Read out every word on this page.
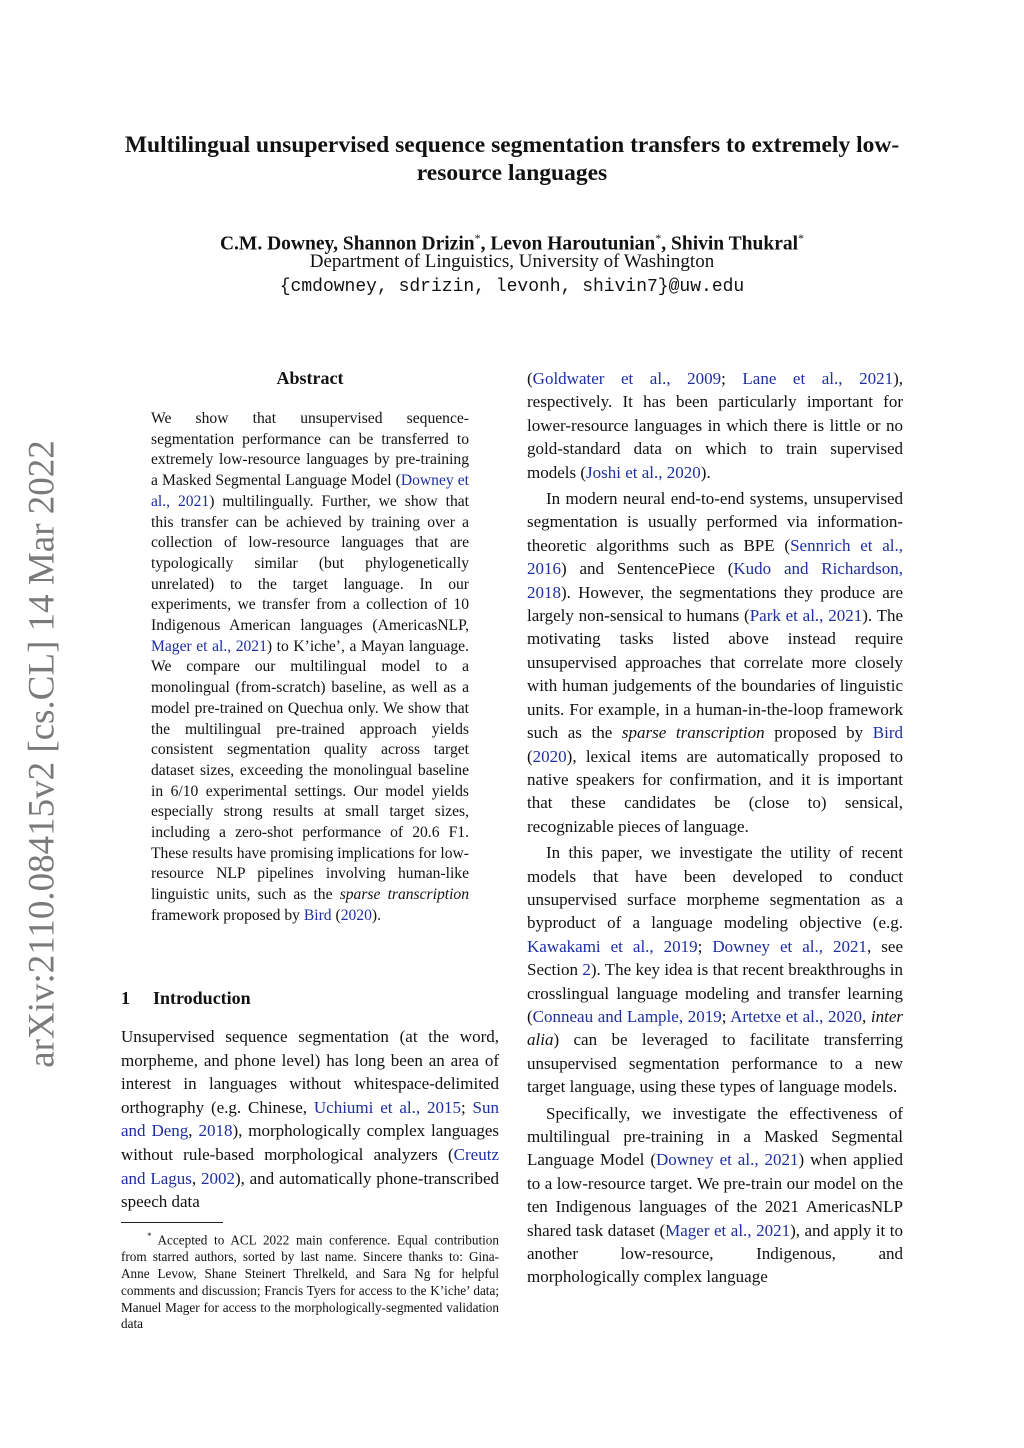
arXiv:2110.08415v2 [cs.CL] 14 Mar 2022
Multilingual unsupervised sequence segmentation transfers to extremely low-resource languages
C.M. Downey, Shannon Drizin*, Levon Haroutunian*, Shivin Thukral*
Department of Linguistics, University of Washington
{cmdowney, sdrizin, levonh, shivin7}@uw.edu
Abstract
We show that unsupervised sequence-segmentation performance can be transferred to extremely low-resource languages by pre-training a Masked Segmental Language Model (Downey et al., 2021) multilingually. Further, we show that this transfer can be achieved by training over a collection of low-resource languages that are typologically similar (but phylogenetically unrelated) to the target language. In our experiments, we transfer from a collection of 10 Indigenous American languages (AmericasNLP, Mager et al., 2021) to K’iche’, a Mayan language. We compare our multilingual model to a monolingual (from-scratch) baseline, as well as a model pre-trained on Quechua only. We show that the multilingual pre-trained approach yields consistent segmentation quality across target dataset sizes, exceeding the monolingual baseline in 6/10 experimental settings. Our model yields especially strong results at small target sizes, including a zero-shot performance of 20.6 F1. These results have promising implications for low-resource NLP pipelines involving human-like linguistic units, such as the sparse transcription framework proposed by Bird (2020).
1 Introduction
Unsupervised sequence segmentation (at the word, morpheme, and phone level) has long been an area of interest in languages without whitespace-delimited orthography (e.g. Chinese, Uchiumi et al., 2015; Sun and Deng, 2018), morphologically complex languages without rule-based morphological analyzers (Creutz and Lagus, 2002), and automatically phone-transcribed speech data
* Accepted to ACL 2022 main conference. Equal contribution from starred authors, sorted by last name. Sincere thanks to: Gina-Anne Levow, Shane Steinert Threlkeld, and Sara Ng for helpful comments and discussion; Francis Tyers for access to the K’iche’ data; Manuel Mager for access to the morphologically-segmented validation data

(Goldwater et al., 2009; Lane et al., 2021), respectively. It has been particularly important for lower-resource languages in which there is little or no gold-standard data on which to train supervised models (Joshi et al., 2020).

In modern neural end-to-end systems, unsupervised segmentation is usually performed via information-theoretic algorithms such as BPE (Sennrich et al., 2016) and SentencePiece (Kudo and Richardson, 2018). However, the segmentations they produce are largely non-sensical to humans (Park et al., 2021). The motivating tasks listed above instead require unsupervised approaches that correlate more closely with human judgements of the boundaries of linguistic units. For example, in a human-in-the-loop framework such as the sparse transcription proposed by Bird (2020), lexical items are automatically proposed to native speakers for confirmation, and it is important that these candidates be (close to) sensical, recognizable pieces of language.

In this paper, we investigate the utility of recent models that have been developed to conduct unsupervised surface morpheme segmentation as a byproduct of a language modeling objective (e.g. Kawakami et al., 2019; Downey et al., 2021, see Section 2). The key idea is that recent breakthroughs in crosslingual language modeling and transfer learning (Conneau and Lample, 2019; Artetxe et al., 2020, inter alia) can be leveraged to facilitate transferring unsupervised segmentation performance to a new target language, using these types of language models.

Specifically, we investigate the effectiveness of multilingual pre-training in a Masked Segmental Language Model (Downey et al., 2021) when applied to a low-resource target. We pre-train our model on the ten Indigenous languages of the 2021 AmericasNLP shared task dataset (Mager et al., 2021), and apply it to another low-resource, Indigenous, and morphologically complex language
